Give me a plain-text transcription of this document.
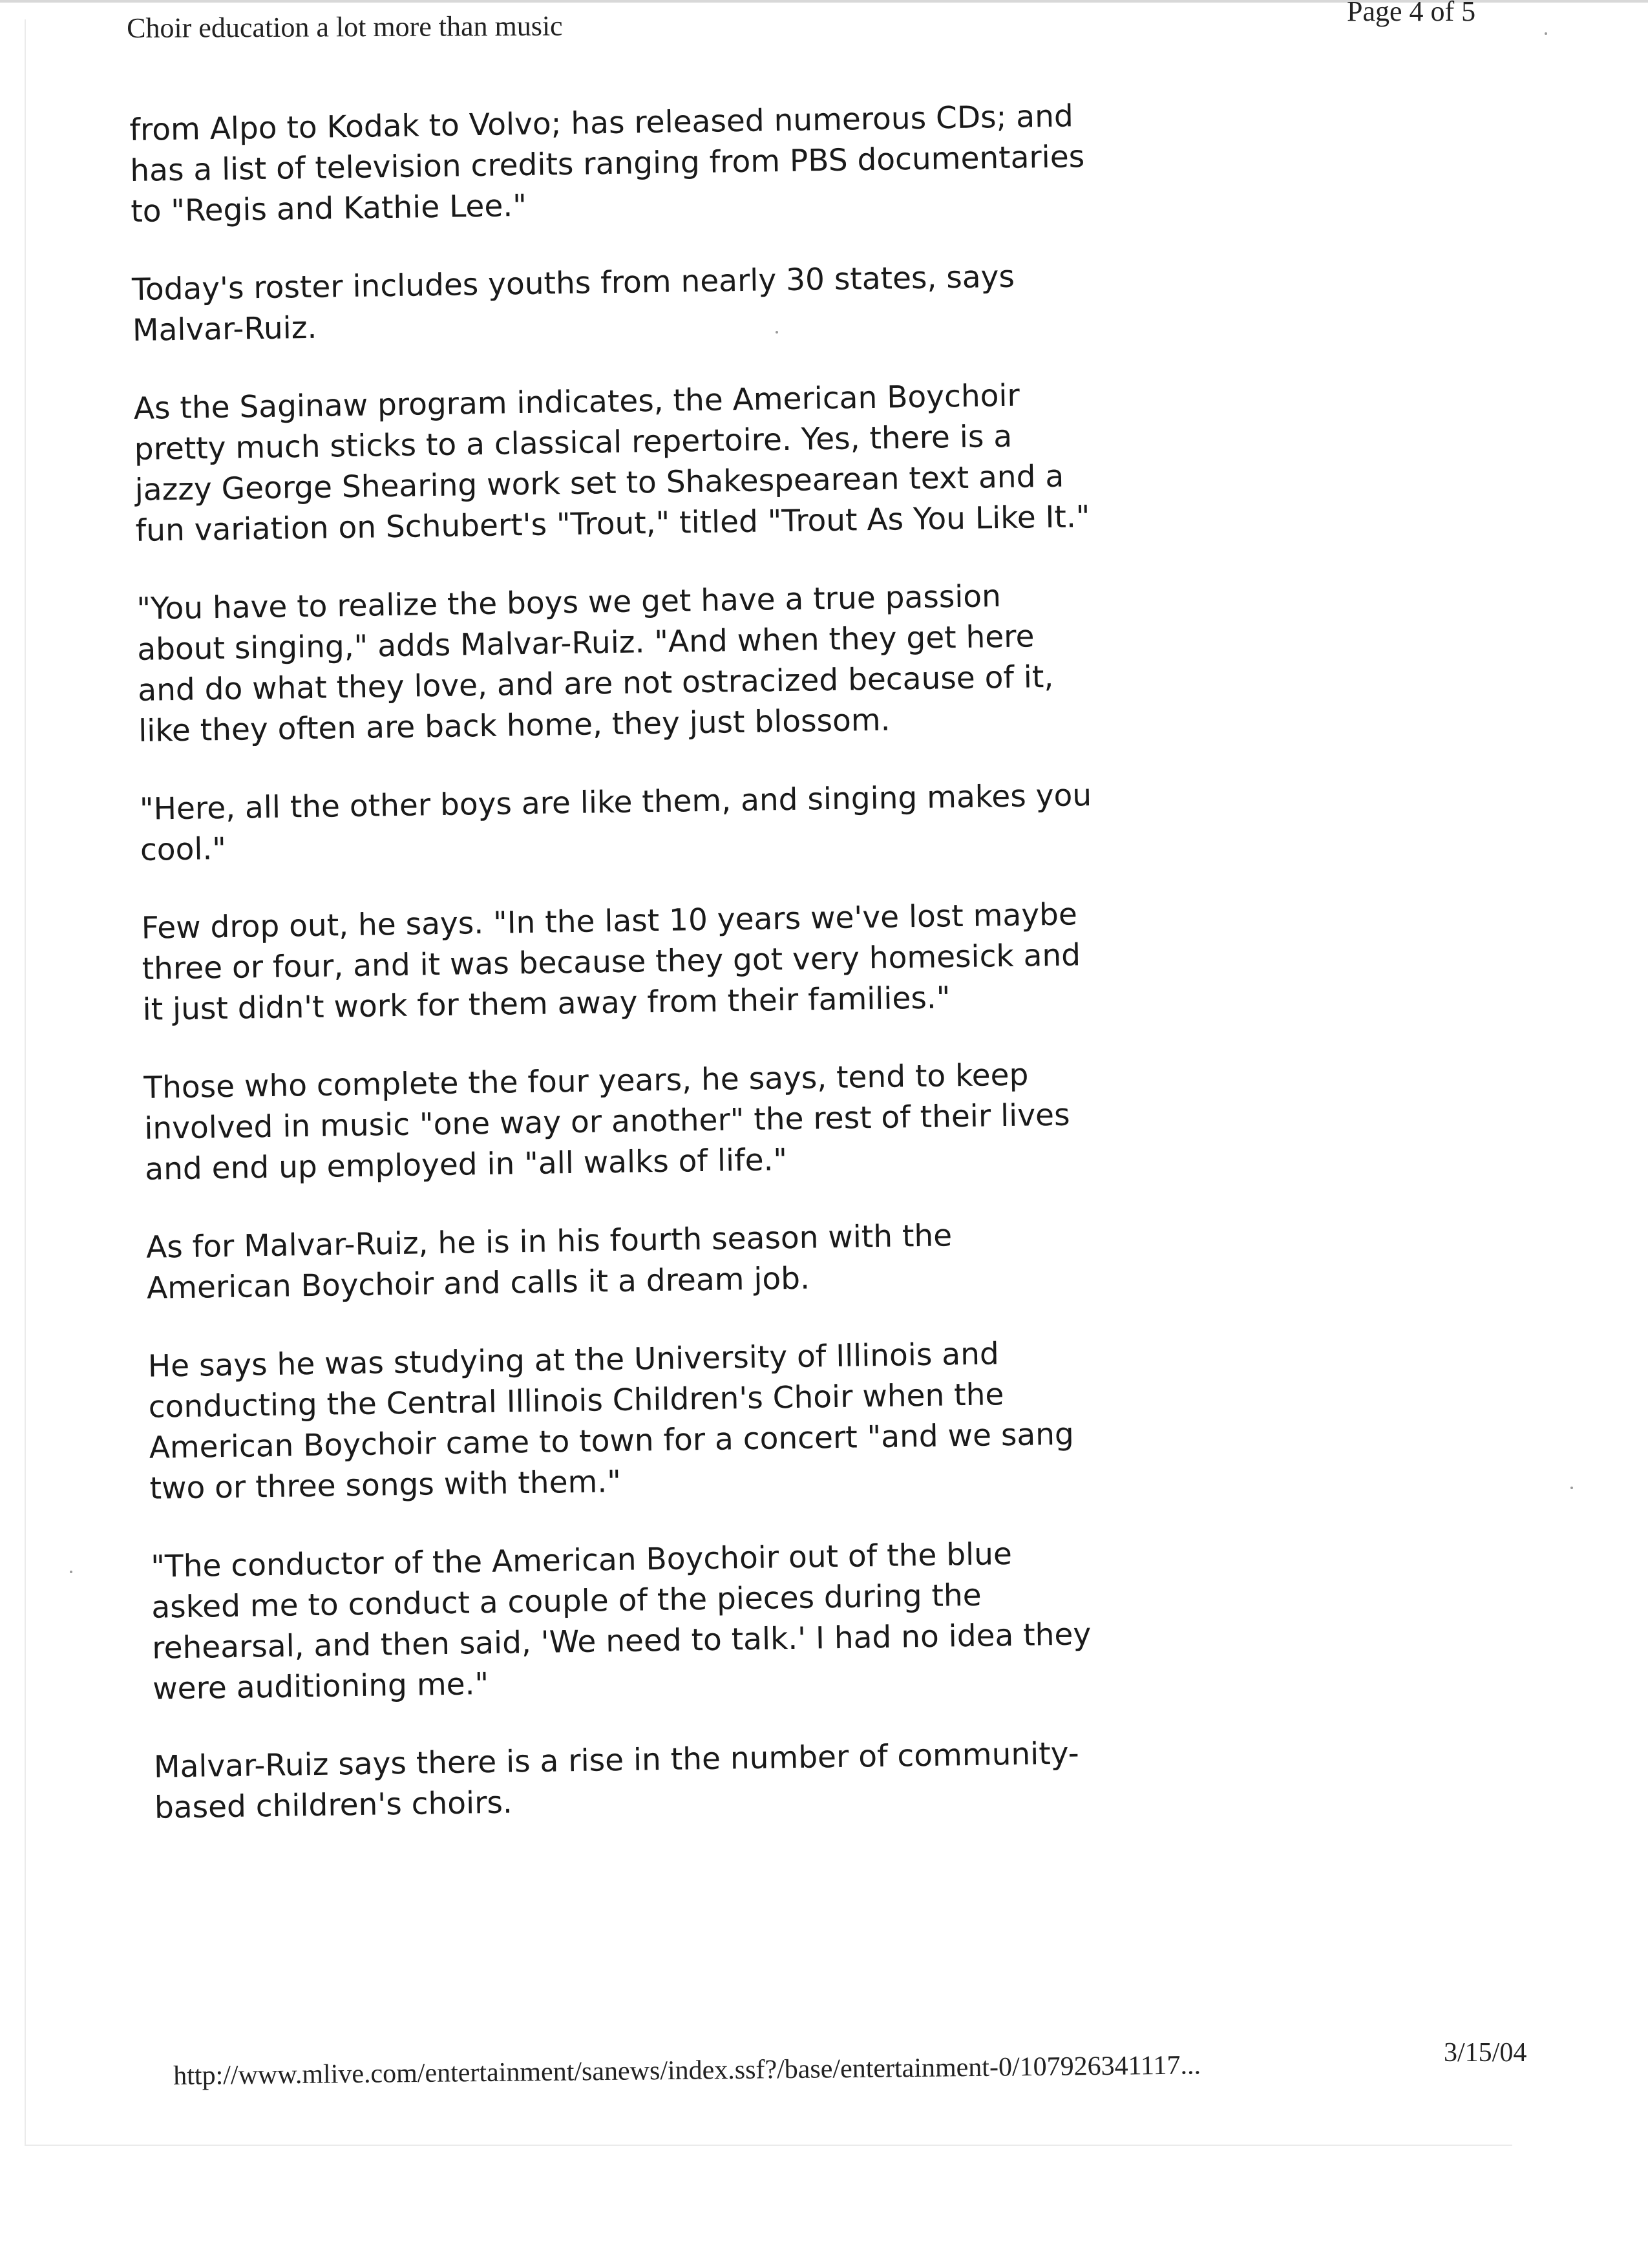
Choir education a lot more than music	Page 4 of 5

from Alpo to Kodak to Volvo; has released numerous CDs; and has a list of television credits ranging from PBS documentaries to "Regis and Kathie Lee."

Today's roster includes youths from nearly 30 states, says Malvar-Ruiz.

As the Saginaw program indicates, the American Boychoir pretty much sticks to a classical repertoire. Yes, there is a jazzy George Shearing work set to Shakespearean text and a fun variation on Schubert's "Trout," titled "Trout As You Like It."

"You have to realize the boys we get have a true passion about singing," adds Malvar-Ruiz. "And when they get here and do what they love, and are not ostracized because of it, like they often are back home, they just blossom.

"Here, all the other boys are like them, and singing makes you cool."

Few drop out, he says. "In the last 10 years we've lost maybe three or four, and it was because they got very homesick and it just didn't work for them away from their families."

Those who complete the four years, he says, tend to keep involved in music "one way or another" the rest of their lives and end up employed in "all walks of life."

As for Malvar-Ruiz, he is in his fourth season with the American Boychoir and calls it a dream job.

He says he was studying at the University of Illinois and conducting the Central Illinois Children's Choir when the American Boychoir came to town for a concert "and we sang two or three songs with them."

"The conductor of the American Boychoir out of the blue asked me to conduct a couple of the pieces during the rehearsal, and then said, 'We need to talk.' I had no idea they were auditioning me."

Malvar-Ruiz says there is a rise in the number of community-based children's choirs.

http://www.mlive.com/entertainment/sanews/index.ssf?/base/entertainment-0/107926341117...	3/15/04
